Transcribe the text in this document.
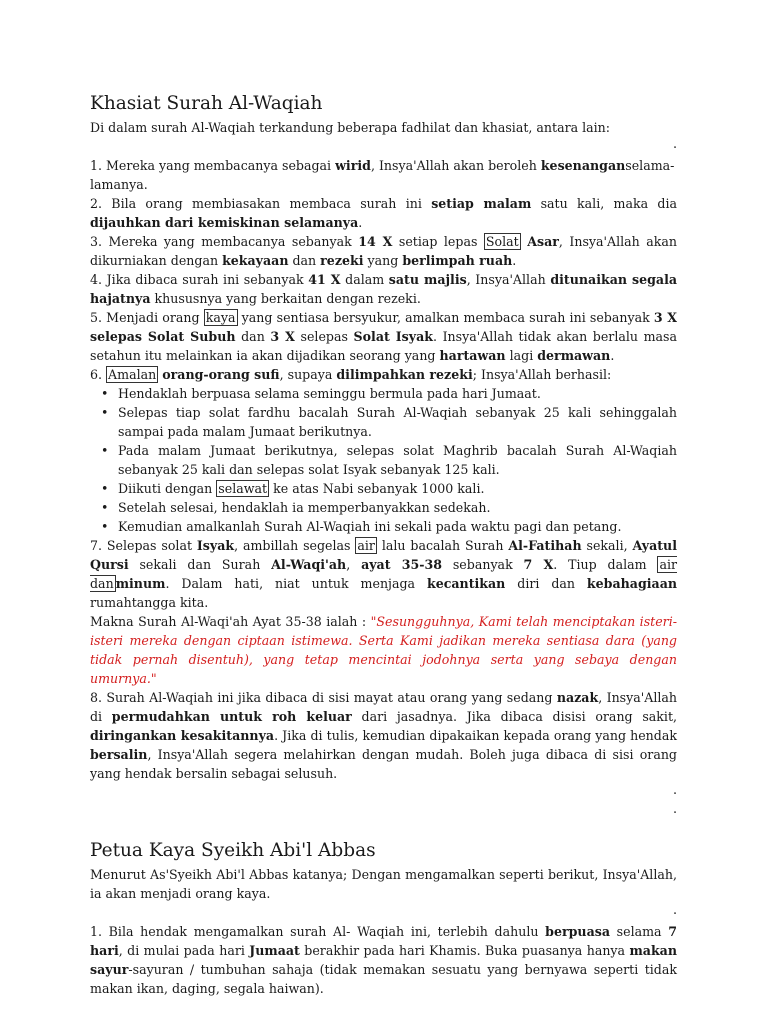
Khasiat Surah Al-Waqiah

Di dalam surah Al-Waqiah terkandung beberapa fadhilat dan khasiat, antara lain:

.

1. Mereka yang membacanya sebagai wirid, Insya'Allah akan beroleh kesenanganselama-lamanya.

2. Bila orang membiasakan membaca surah ini setiap malam satu kali, maka dia dijauhkan dari kemiskinan selamanya.

3. Mereka yang membacanya sebanyak 14 X setiap lepas Solat Asar, Insya'Allah akan dikurniakan dengan kekayaan dan rezeki yang berlimpah ruah.

4. Jika dibaca surah ini sebanyak 41 X dalam satu majlis, Insya'Allah ditunaikan segala hajatnya khususnya yang berkaitan dengan rezeki.

5. Menjadi orang kaya yang sentiasa bersyukur, amalkan membaca surah ini sebanyak 3 X selepas Solat Subuh dan 3 X selepas Solat Isyak. Insya'Allah tidak akan berlalu masa setahun itu melainkan ia akan dijadikan seorang yang hartawan lagi dermawan.

6. Amalan orang-orang sufi, supaya dilimpahkan rezeki; Insya'Allah berhasil:

• Hendaklah berpuasa selama seminggu bermula pada hari Jumaat.
• Selepas tiap solat fardhu bacalah Surah Al-Waqiah sebanyak 25 kali sehinggalah sampai pada malam Jumaat berikutnya.
• Pada malam Jumaat berikutnya, selepas solat Maghrib bacalah Surah Al-Waqiah sebanyak 25 kali dan selepas solat Isyak sebanyak 125 kali.
• Diikuti dengan selawat ke atas Nabi sebanyak 1000 kali.
• Setelah selesai, hendaklah ia memperbanyakkan sedekah.
• Kemudian amalkanlah Surah Al-Waqiah ini sekali pada waktu pagi dan petang.

7. Selepas solat Isyak, ambillah segelas air lalu bacalah Surah Al-Fatihah sekali, Ayatul Qursi sekali dan Surah Al-Waqi'ah, ayat 35-38 sebanyak 7 X. Tiup dalam air dan minum. Dalam hati, niat untuk menjaga kecantikan diri dan kebahagiaan rumahtangga kita.

Makna Surah Al-Waqi'ah Ayat 35-38 ialah : "Sesungguhnya, Kami telah menciptakan isteri-isteri mereka dengan ciptaan istimewa. Serta Kami jadikan mereka sentiasa dara (yang tidak pernah disentuh), yang tetap mencintai jodohnya serta yang sebaya dengan umurnya."

8. Surah Al-Waqiah ini jika dibaca di sisi mayat atau orang yang sedang nazak, Insya'Allah di permudahkan untuk roh keluar dari jasadnya. Jika dibaca disisi orang sakit, diringankan kesakitannya. Jika di tulis, kemudian dipakaikan kepada orang yang hendak bersalin, Insya'Allah segera melahirkan dengan mudah. Boleh juga dibaca di sisi orang yang hendak bersalin sebagai selusuh.

.
.
Petua Kaya Syeikh Abi'l Abbas

Menurut As'Syeikh Abi'l Abbas katanya; Dengan mengamalkan seperti berikut, Insya'Allah, ia akan menjadi orang kaya.

.

1. Bila hendak mengamalkan surah Al- Waqiah ini, terlebih dahulu berpuasa selama 7 hari, di mulai pada hari Jumaat berakhir pada hari Khamis. Buka puasanya hanya makan sayur-sayuran / tumbuhan sahaja (tidak memakan sesuatu yang bernyawa seperti tidak makan ikan, daging, segala haiwan).
